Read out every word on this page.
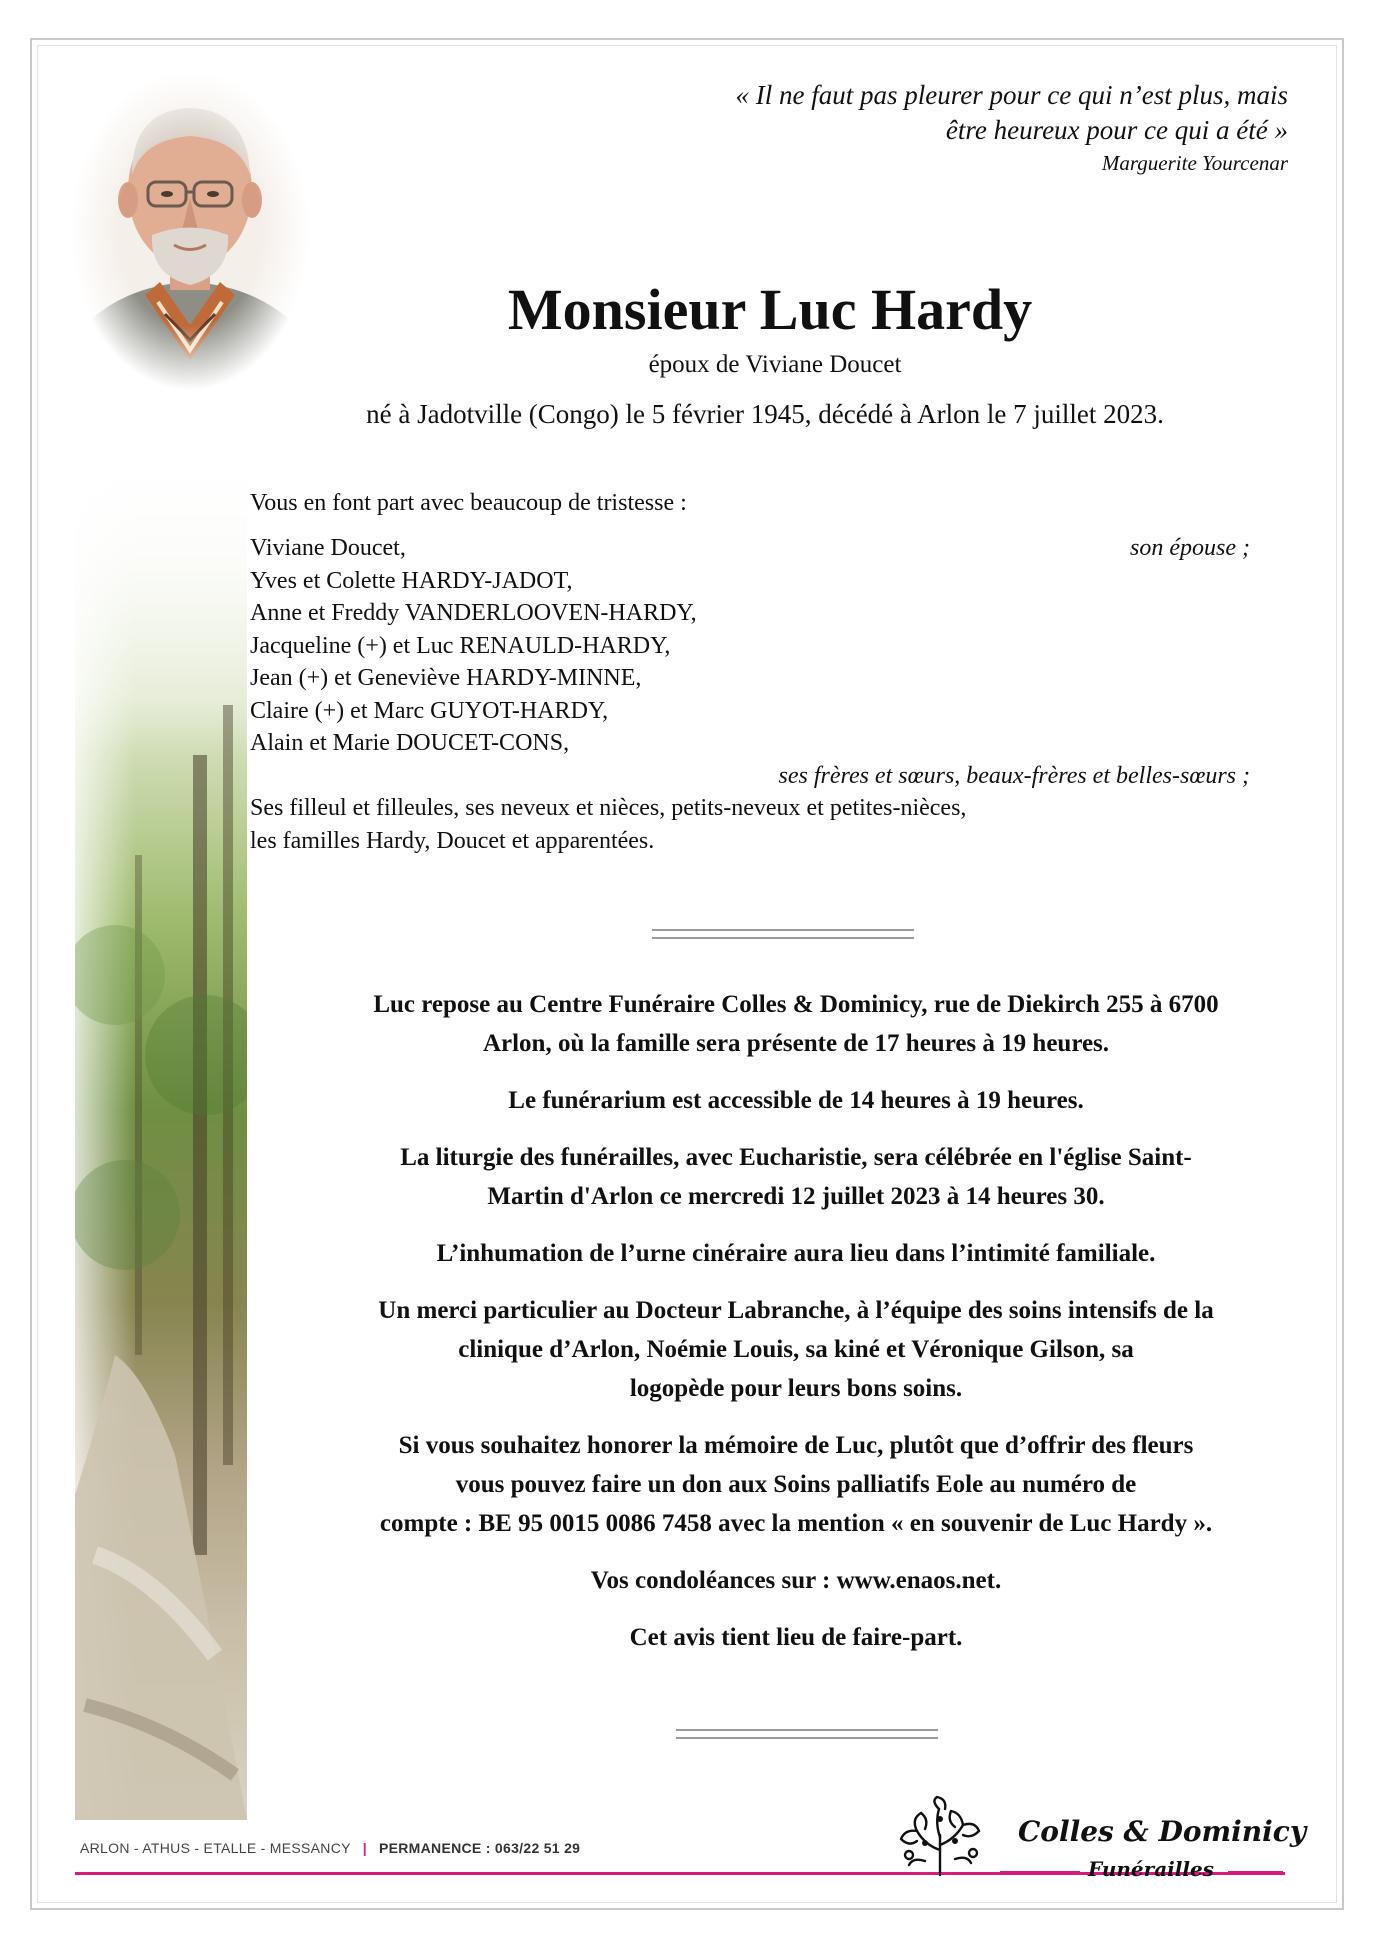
« Il ne faut pas pleurer pour ce qui n’est plus, mais
être heureux pour ce qui a été »
Marguerite Yourcenar
Monsieur Luc Hardy
époux de Viviane Doucet
né à Jadotville (Congo) le 5 février 1945, décédé à Arlon le 7 juillet 2023.
Vous en font part avec beaucoup de tristesse :
Viviane Doucet,	son épouse ;
Yves et Colette HARDY-JADOT,
Anne et Freddy VANDERLOOVEN-HARDY,
Jacqueline (+) et Luc RENAULD-HARDY,
Jean (+) et Geneviève HARDY-MINNE,
Claire (+) et Marc GUYOT-HARDY,
Alain et Marie DOUCET-CONS,
ses frères et sœurs, beaux-frères et belles-sœurs ;
Ses filleul et filleules, ses neveux et nièces, petits-neveux et petites-nièces,
les familles Hardy, Doucet et apparentées.

Luc repose au Centre Funéraire Colles & Dominicy, rue de Diekirch 255 à 6700
Arlon, où la famille sera présente de 17 heures à 19 heures.

Le funérarium est accessible de 14 heures à 19 heures.

La liturgie des funérailles, avec Eucharistie, sera célébrée en l'église Saint-
Martin d'Arlon ce mercredi 12 juillet 2023 à 14 heures 30.

L’inhumation de l’urne cinéraire aura lieu dans l’intimité familiale.

Un merci particulier au Docteur Labranche, à l’équipe des soins intensifs de la
clinique d’Arlon, Noémie Louis, sa kiné et Véronique Gilson, sa
logopède pour leurs bons soins.

Si vous souhaitez honorer la mémoire de Luc, plutôt que d’offrir des fleurs
vous pouvez faire un don aux Soins palliatifs Eole au numéro de
compte : BE 95 0015 0086 7458 avec la mention « en souvenir de Luc Hardy ».

Vos condoléances sur : www.enaos.net.

Cet avis tient lieu de faire-part.

ARLON - ATHUS - ETALLE - MESSANCY | PERMANENCE : 063/22 51 29	Colles & Dominicy
Funérailles
